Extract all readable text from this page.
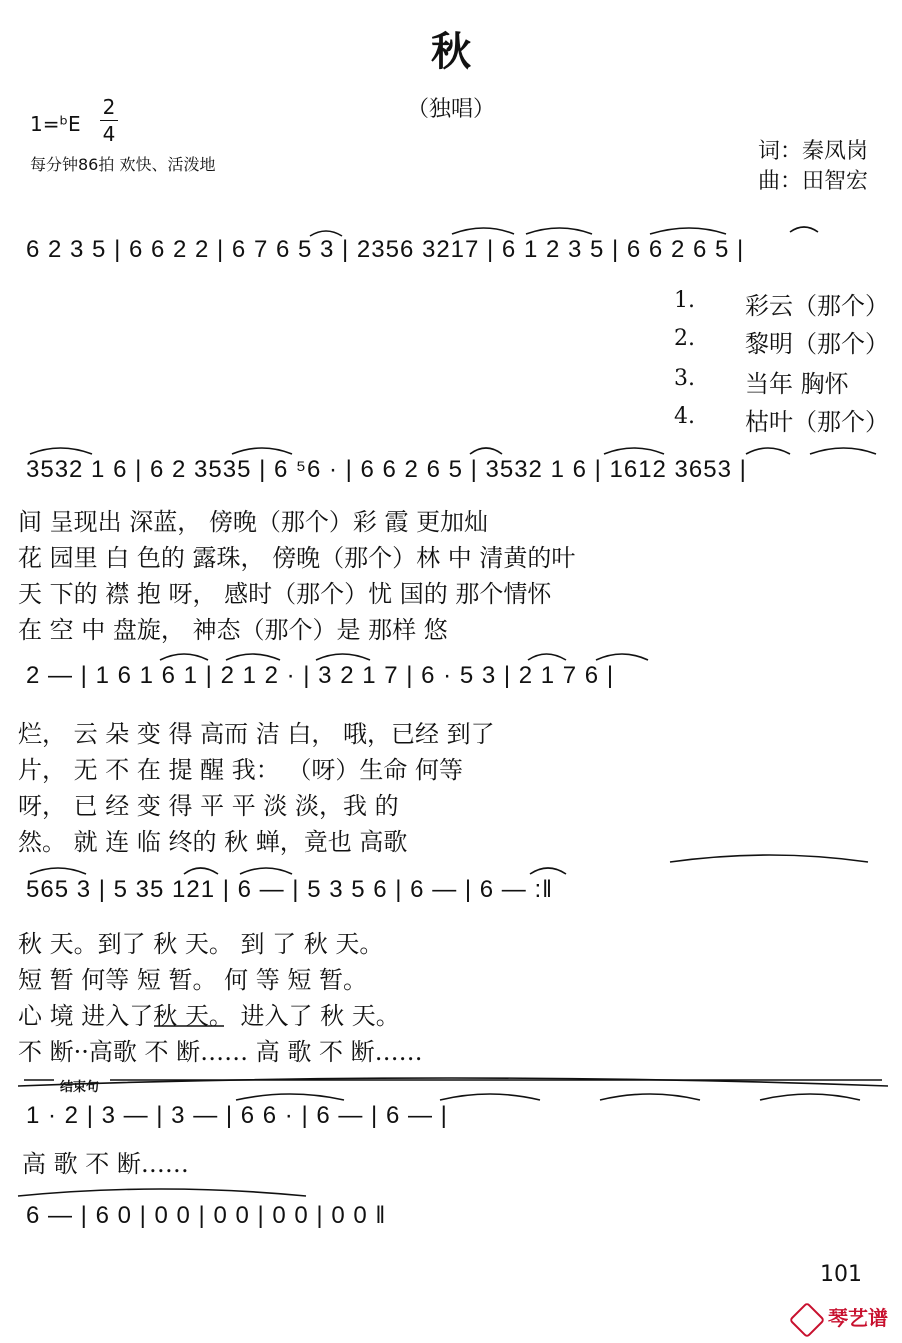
秋
（独唱）
1=ᵇE
2
4
每分钟86拍 欢快、活泼地
词：秦凤岗
曲：田智宏
6 2 3 5 | 6 6 2 2 | 6 7 6 5 3 | 2356 3217 | 6 1 2 3 5 | 6 6 2 6 5 |
1. 彩云（那个）
2. 黎明（那个）
3. 当年 胸怀
4. 枯叶（那个）
3532 1 6 | 6 2 3535 | 6 ⁵6 · | 6 6 2 6 5 | 3532 1 6 | 1612 3653 |
间 呈现出 深蓝， 傍晚（那个）彩 霞 更加灿
花 园里 白 色的 露珠， 傍晚（那个）林 中 清黄的叶
天 下的 襟 抱 呀， 感时（那个）忧 国的 那个情怀
在 空 中 盘旋， 神态（那个）是 那样 悠
2 — | 1 6 1 6 1 | 2 1 2 · | 3 2 1 7 | 6 · 5 3 | 2 1 7 6 |
烂， 云 朵 变 得 高而 洁 白， 哦，已经 到了
片， 无 不 在 提 醒 我： （呀）生命 何等
呀， 已 经 变 得 平 平 淡 淡，我 的
然。 就 连 临 终的 秋 蝉，竟也 高歌
565 3 | 5 35 121 | 6 — | 5 3 5 6 | 6 — | 6 — :‖
秋 天。到了 秋 天。 到 了 秋 天。
短 暂 何等 短 暂。 何 等 短 暂。
心 境 进入了秋 天。 进入了 秋 天。
不 断··高歌 不 断…… 高 歌 不 断……
结束句
1 · 2 | 3 — | 3 — | 6 6 · | 6 — | 6 — |
高 歌 不 断……
6 — | 6 0 | 0 0 | 0 0 | 0 0 | 0 0 ‖
101
琴艺谱
